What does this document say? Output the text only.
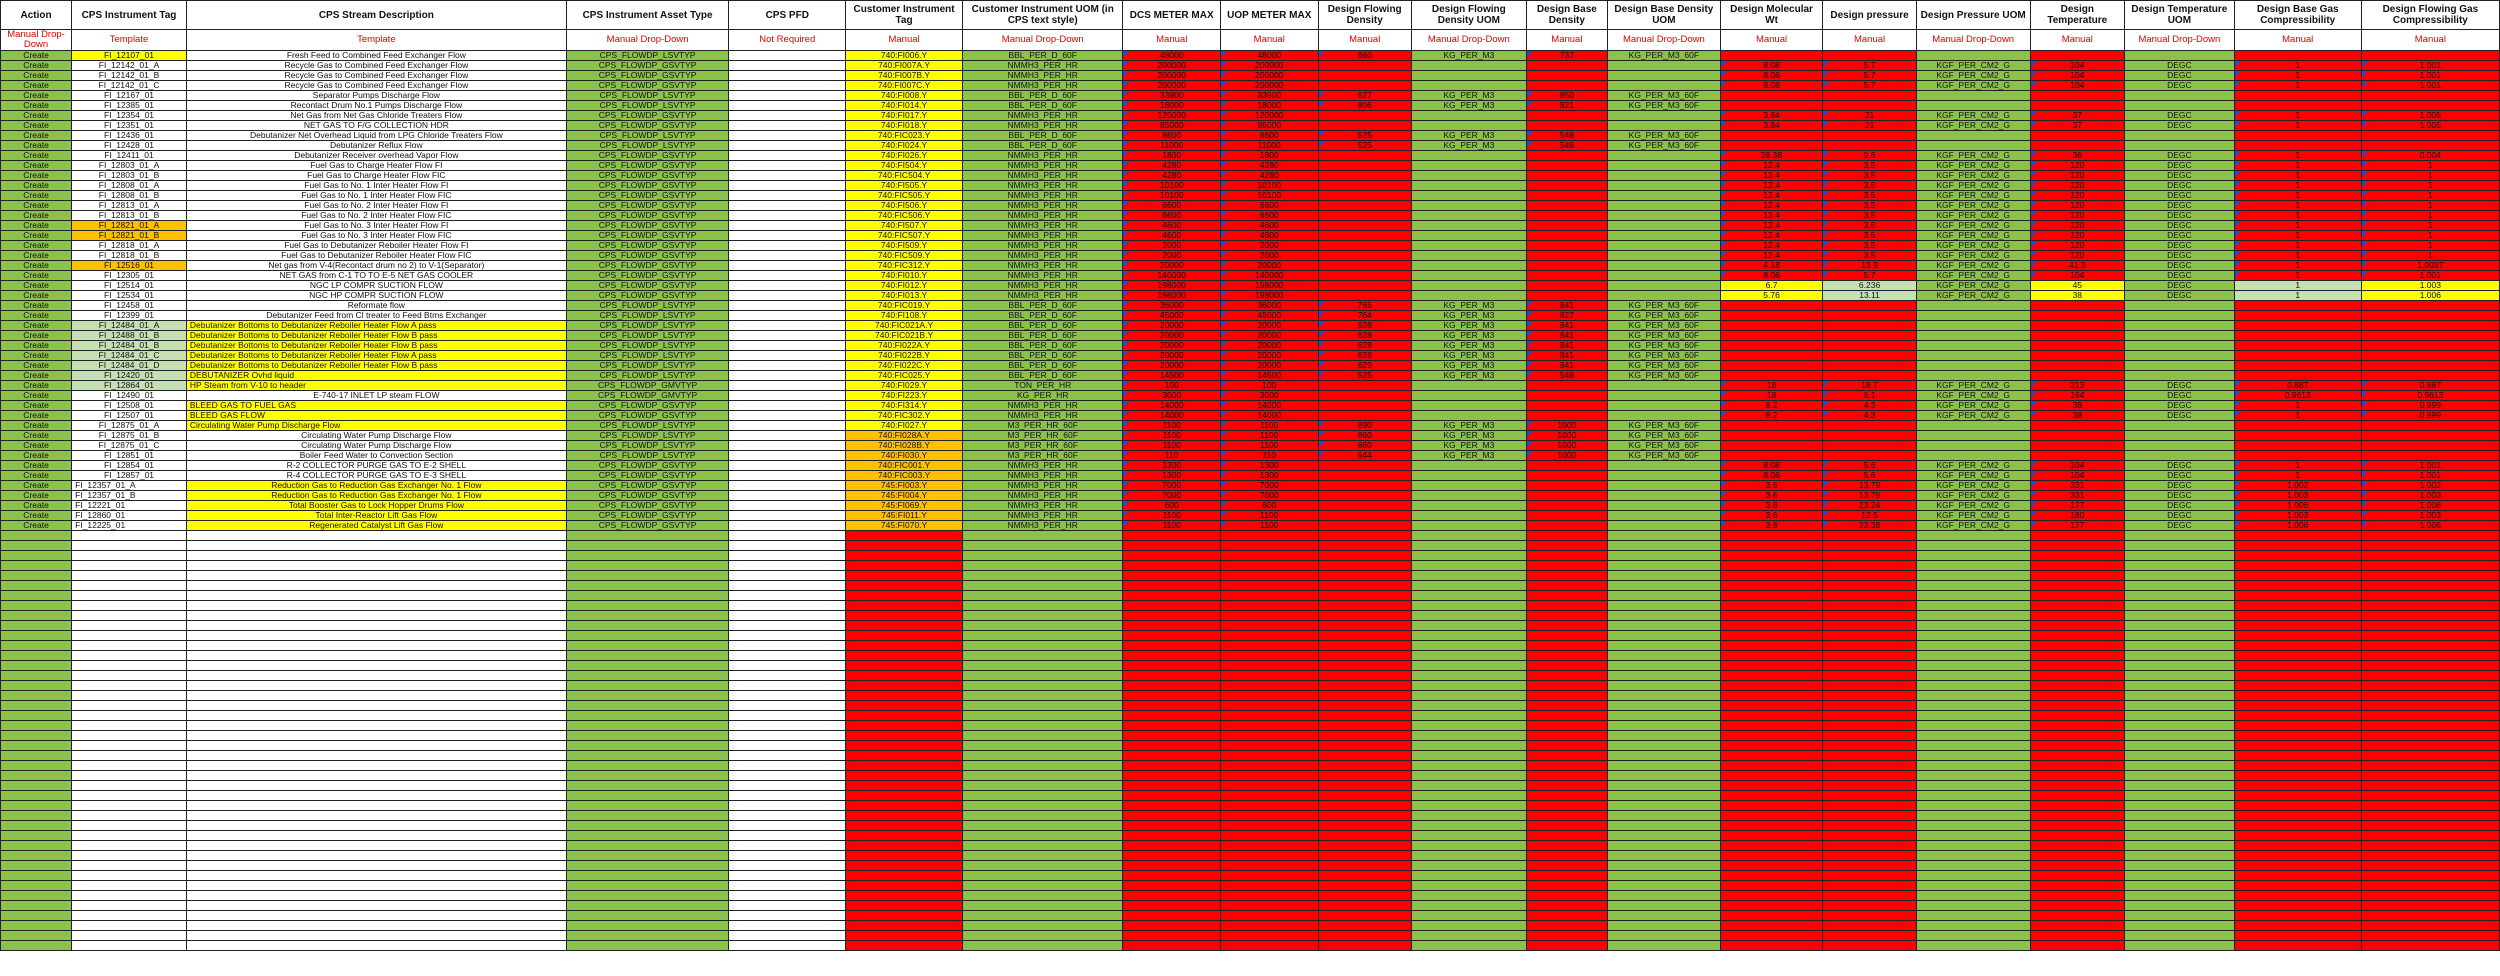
Action	CPS Instrument Tag	CPS Stream Description	CPS Instrument Asset Type	CPS PFD	Customer Instrument Tag	Customer Instrument UOM (in CPS text style)	DCS METER MAX	UOP METER MAX	Design Flowing Density	Design Flowing Density UOM	Design Base Density	Design Base Density UOM	Design Molecular Wt	Design pressure	Design Pressure UOM	Design Temperature	Design Temperature UOM	Design Base Gas Compressibility	Design Flowing Gas Compressibility
Manual Drop-Down	Template	Template	Manual Drop-Down	Not Required	Manual	Manual Drop-Down	Manual	Manual	Manual	Manual Drop-Down	Manual	Manual Drop-Down	Manual	Manual	Manual Drop-Down	Manual	Manual Drop-Down	Manual	Manual
Create	FI_12107_01	Fresh Feed to Combined Feed Exchanger Flow	CPS_FLOWDP_LSVTYP		740:FI006.Y	BBL_PER_D_60F	48000	48000	660	KG_PER_M3	737	KG_PER_M3_60F							
Create	FI_12142_01_A	Recycle Gas to Combined Feed Exchanger Flow	CPS_FLOWDP_GSVTYP		740:FI007A.Y	NMMH3_PER_HR	200000	200000					8.08	5.7	KGF_PER_CM2_G	104	DEGC	1	1.001
Create	FI_12142_01_B	Recycle Gas to Combined Feed Exchanger Flow	CPS_FLOWDP_GSVTYP		740:FI007B.Y	NMMH3_PER_HR	200000	200000					8.08	5.7	KGF_PER_CM2_G	104	DEGC	1	1.001
Create	FI_12142_01_C	Recycle Gas to Combined Feed Exchanger Flow	CPS_FLOWDP_GSVTYP		740:FI007C.Y	NMMH3_PER_HR	200000	200000					8.08	5.7	KGF_PER_CM2_G	104	DEGC	1	1.001
Create	FI_12167_01	Separator Pumps Discharge Flow	CPS_FLOWDP_LSVTYP		740:FI008.Y	BBL_PER_D_60F	33900	33900	627	KG_PER_M3	850	KG_PER_M3_60F							
Create	FI_12385_01	Recontact Drum No.1 Pumps Discharge Flow	CPS_FLOWDP_LSVTYP		740:FI014.Y	BBL_PER_D_60F	18000	18000	806	KG_PER_M3	821	KG_PER_M3_60F							
Create	FI_12354_01	Net Gas from Net Gas Chloride Treaters Flow	CPS_FLOWDP_GSVTYP		740:FI017.Y	NMMH3_PER_HR	120000	120000					3.84	21	KGF_PER_CM2_G	37	DEGC	1	1.005
Create	FI_12351_01	NET GAS TO F/G COLLECTION HDR	CPS_FLOWDP_GSVTYP		740:FI018.Y	NMMH3_PER_HR	85000	85000					3.84	21	KGF_PER_CM2_G	37	DEGC	1	1.005
Create	FI_12436_01	Debutanizer Net Overhead Liquid from LPG Chloride Treaters Flow	CPS_FLOWDP_LSVTYP		740:FIC023.Y	BBL_PER_D_60F	8600	8600	525	KG_PER_M3	548	KG_PER_M3_60F							
Create	FI_12428_01	Debutanizer Reflux Flow	CPS_FLOWDP_LSVTYP		740:FI024.Y	BBL_PER_D_60F	11000	11000	525	KG_PER_M3	548	KG_PER_M3_60F							
Create	FI_12411_01	Debutanizer Receiver overhead Vapor Flow	CPS_FLOWDP_GSVTYP		740:FI026.Y	NMMH3_PER_HR	1800	1800					28.38	9.6	KGF_PER_CM2_G	36	DEGC	1	0.004
Create	FI_12803_01_A	Fuel Gas to Charge Heater Flow FI	CPS_FLOWDP_GSVTYP		740:FI504.Y	NMMH3_PER_HR	4280	4280					12.4	3.5	KGF_PER_CM2_G	120	DEGC	1	1
Create	FI_12803_01_B	Fuel Gas to Charge Heater Flow FIC	CPS_FLOWDP_GSVTYP		740:FIC504.Y	NMMH3_PER_HR	4280	4280					12.4	3.5	KGF_PER_CM2_G	120	DEGC	1	1
Create	FI_12808_01_A	Fuel Gas to No. 1 Inter Heater Flow FI	CPS_FLOWDP_GSVTYP		740:FI505.Y	NMMH3_PER_HR	10100	10100					12.4	3.5	KGF_PER_CM2_G	120	DEGC	1	1
Create	FI_12808_01_B	Fuel Gas to No. 1 Inter Heater Flow FIC	CPS_FLOWDP_GSVTYP		740:FIC505.Y	NMMH3_PER_HR	10100	10100					12.4	3.5	KGF_PER_CM2_G	120	DEGC	1	1
Create	FI_12813_01_A	Fuel Gas to No. 2 Inter Heater Flow FI	CPS_FLOWDP_GSVTYP		740:FI506.Y	NMMH3_PER_HR	6600	6600					12.4	3.5	KGF_PER_CM2_G	120	DEGC	1	1
Create	FI_12813_01_B	Fuel Gas to No. 2 Inter Heater Flow FIC	CPS_FLOWDP_GSVTYP		740:FIC506.Y	NMMH3_PER_HR	6600	6600					12.4	3.5	KGF_PER_CM2_G	120	DEGC	1	1
Create	FI_12821_01_A	Fuel Gas to No. 3 Inter Heater Flow FI	CPS_FLOWDP_GSVTYP		740:FI507.Y	NMMH3_PER_HR	4600	4600					12.4	3.5	KGF_PER_CM2_G	120	DEGC	1	1
Create	FI_12821_01_B	Fuel Gas to No. 3 Inter Heater Flow FIC	CPS_FLOWDP_GSVTYP		740:FIC507.Y	NMMH3_PER_HR	4600	4600					12.4	3.5	KGF_PER_CM2_G	120	DEGC	1	1
Create	FI_12818_01_A	Fuel Gas to Debutanizer Reboiler Heater Flow FI	CPS_FLOWDP_GSVTYP		740:FI509.Y	NMMH3_PER_HR	2000	2000					12.4	3.5	KGF_PER_CM2_G	120	DEGC	1	1
Create	FI_12818_01_B	Fuel Gas to Debutanizer Reboiler Heater Flow FIC	CPS_FLOWDP_GSVTYP		740:FIC509.Y	NMMH3_PER_HR	2000	2000					12.4	3.5	KGF_PER_CM2_G	120	DEGC	1	1
Create	FI_12516_01	Net gas from V-4(Recontact drum no 2) to V-1(Separator)	CPS_FLOWDP_GSVTYP		740:FIC312.Y	NMMH3_PER_HR	20000	20000					4.18	13.9	KGF_PER_CM2_G	41.3	DEGC	1	1.0037
Create	FI_12305_01	NET GAS from C-1 TO TO E-5 NET GAS COOLER	CPS_FLOWDP_GSVTYP		740:FI010.Y	NMMH3_PER_HR	140000	140000					8.08	5.7	KGF_PER_CM2_G	104	DEGC	1	1.001
Create	FI_12514_01	NGC LP COMPR SUCTION FLOW	CPS_FLOWDP_GSVTYP		740:FI012.Y	NMMH3_PER_HR	198000	198000					6.7	6.236	KGF_PER_CM2_G	45	DEGC	1	1.003
Create	FI_12534_01	NGC HP COMPR SUCTION FLOW	CPS_FLOWDP_GSVTYP		740:FI013.Y	NMMH3_PER_HR	198000	198000					5.76	13.11	KGF_PER_CM2_G	38	DEGC	1	1.006
Create	FI_12458_01	Reformate flow	CPS_FLOWDP_LSVTYP		740:FIC019.Y	BBL_PER_D_60F	36000	36000	765	KG_PER_M3	841	KG_PER_M3_60F							
Create	FI_12399_01	Debutanizer Feed from Cl treater to Feed Btms Exchanger	CPS_FLOWDP_LSVTYP		740:FI108.Y	BBL_PER_D_60F	45000	45000	764	KG_PER_M3	827	KG_PER_M3_60F							
Create	FI_12484_01_A	Debutanizer Bottoms to Debutanizer Reboiler Heater Flow A pass	CPS_FLOWDP_LSVTYP		740:FIC021A.Y	BBL_PER_D_60F	20000	20000	628	KG_PER_M3	841	KG_PER_M3_60F							
Create	FI_12488_01_B	Debutanizer Bottoms to Debutanizer Reboiler Heater Flow B pass	CPS_FLOWDP_LSVTYP		740:FIC021B.Y	BBL_PER_D_60F	20000	20000	628	KG_PER_M3	841	KG_PER_M3_60F							
Create	FI_12484_01_B	Debutanizer Bottoms to Debutanizer Reboiler Heater Flow B pass	CPS_FLOWDP_LSVTYP		740:FI022A.Y	BBL_PER_D_60F	20000	20000	628	KG_PER_M3	841	KG_PER_M3_60F							
Create	FI_12484_01_C	Debutanizer Bottoms to Debutanizer Reboiler Heater Flow A pass	CPS_FLOWDP_LSVTYP		740:FI022B.Y	BBL_PER_D_60F	20000	20000	628	KG_PER_M3	841	KG_PER_M3_60F							
Create	FI_12484_01_D	Debutanizer Bottoms to Debutanizer Reboiler Heater Flow B pass	CPS_FLOWDP_LSVTYP		740:FI022C.Y	BBL_PER_D_60F	20000	20000	629	KG_PER_M3	841	KG_PER_M3_60F							
Create	FI_12420_01	DEBUTANIZER Ovhd liquid	CPS_FLOWDP_LSVTYP		740:FIC025.Y	BBL_PER_D_60F	14500	14500	525	KG_PER_M3	548	KG_PER_M3_60F							
Create	FI_12864_01	HP Steam from V-10 to header	CPS_FLOWDP_GMVTYP		740:FI029.Y	TON_PER_HR	100	100					18	18.7	KGF_PER_CM2_G	213	DEGC	0.887	0.887
Create	FI_12490_01	E-740-17 INLET LP steam FLOW	CPS_FLOWDP_GMVTYP		740:FI223.Y	KG_PER_HR	3000	3000					18	6.1	KGF_PER_CM2_G	164	DEGC	0.9613	0.9613
Create	FI_12508_01	BLEED GAS TO FUEL GAS	CPS_FLOWDP_GSVTYP		740:FI314.Y	NMMH3_PER_HR	14000	14000					8.2	4.3	KGF_PER_CM2_G	38	DEGC	1	0.999
Create	FI_12507_01	BLEED GAS FLOW	CPS_FLOWDP_GSVTYP		740:FIC302.Y	NMMH3_PER_HR	14000	14000					8.2	4.3	KGF_PER_CM2_G	38	DEGC	1	0.999
Create	FI_12875_01_A	Circulating Water Pump Discharge Flow	CPS_FLOWDP_LSVTYP		740:FI027.Y	M3_PER_HR_60F	1100	1100	890	KG_PER_M3	1000	KG_PER_M3_60F							
Create	FI_12875_01_B	Circulating Water Pump Discharge Flow	CPS_FLOWDP_LSVTYP		740:FI028A.Y	M3_PER_HR_60F	1100	1100	860	KG_PER_M3	1000	KG_PER_M3_60F							
Create	FI_12875_01_C	Circulating Water Pump Discharge Flow	CPS_FLOWDP_LSVTYP		740:FI028B.Y	M3_PER_HR_60F	1100	1100	860	KG_PER_M3	1000	KG_PER_M3_60F							
Create	FI_12851_01	Boiler Feed Water to Convection Section	CPS_FLOWDP_LSVTYP		740:FI030.Y	M3_PER_HR_60F	110	110	944	KG_PER_M3	1000	KG_PER_M3_60F							
Create	FI_12854_01	R-2 COLLECTOR PURGE GAS TO E-2 SHELL	CPS_FLOWDP_GSVTYP		740:FIC001.Y	NMMH3_PER_HR	1300	1300					8.08	5.6	KGF_PER_CM2_G	104	DEGC	1	1.001
Create	FI_12857_01	R-4 COLLECTOR PURGE GAS TO E-3 SHELL	CPS_FLOWDP_GSVTYP		740:FIC003.Y	NMMH3_PER_HR	1300	1300					8.08	5.6	KGF_PER_CM2_G	104	DEGC	1	1.001
Create	FI_12357_01_A	Reduction Gas to Reduction Gas Exchanger No. 1 Flow	CPS_FLOWDP_GSVTYP		745:FI003.Y	NMMH3_PER_HR	7000	7000					3.6	13.79	KGF_PER_CM2_G	331	DEGC	1.002	1.002
Create	FI_12357_01_B	Reduction Gas to Reduction Gas Exchanger No. 1 Flow	CPS_FLOWDP_GSVTYP		745:FI004.Y	NMMH3_PER_HR	7000	7000					3.6	13.79	KGF_PER_CM2_G	331	DEGC	1.003	1.003
Create	FI_12221_01	Total Booster Gas to Lock Hopper Drums Flow	CPS_FLOWDP_GSVTYP		745:FI069.Y	NMMH3_PER_HR	600	600					3.8	23.24	KGF_PER_CM2_G	177	DEGC	1.006	1.006
Create	FI_12860_01	Total Inter-Reactor Lift Gas Flow	CPS_FLOWDP_GSVTYP		745:FI011.Y	NMMH3_PER_HR	1100	1100					3.6	12.5	KGF_PER_CM2_G	180	DEGC	1.003	1.003
Create	FI_12225_01	Regenerated Catalyst Lift Gas Flow	CPS_FLOWDP_GSVTYP		745:FI070.Y	NMMH3_PER_HR	1100	1100					3.8	23.38	KGF_PER_CM2_G	177	DEGC	1.006	1.006
